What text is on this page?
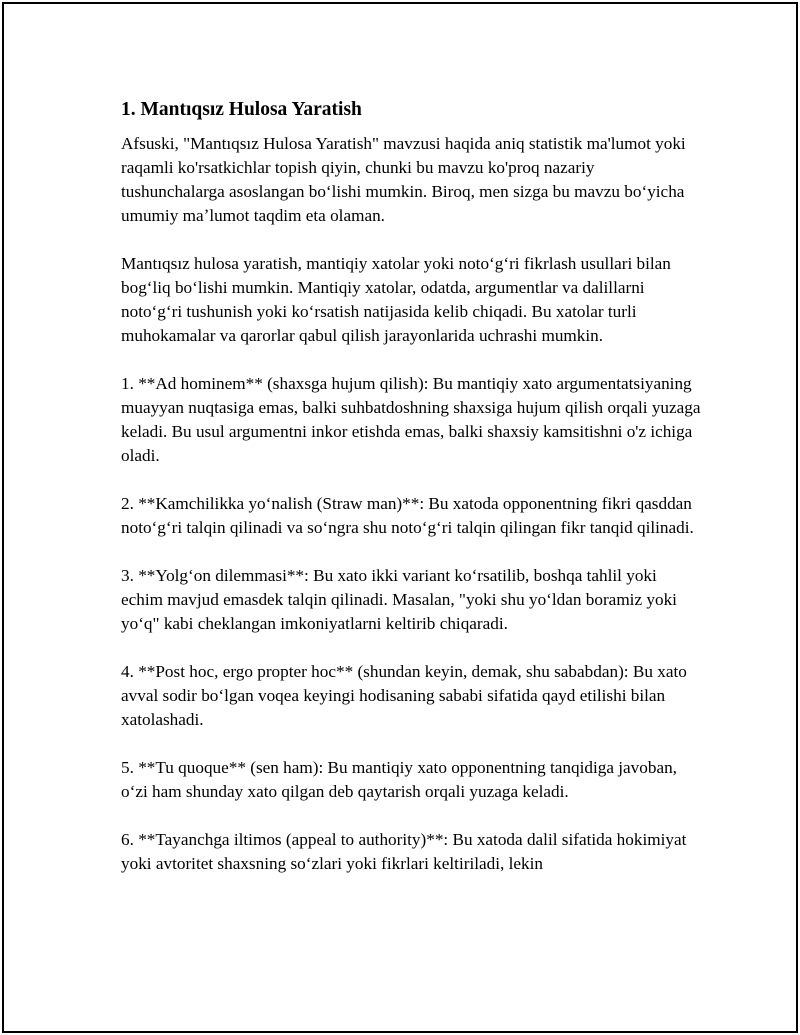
1. Mantıqsız Hulosa Yaratish

Afsuski, "Mantıqsız Hulosa Yaratish" mavzusi haqida aniq statistik ma'lumot yoki raqamli ko'rsatkichlar topish qiyin, chunki bu mavzu ko'proq nazariy tushunchalarga asoslangan boʻlishi mumkin. Biroq, men sizga bu mavzu boʻyicha umumiy maʼlumot taqdim eta olaman.

Mantıqsız hulosa yaratish, mantiqiy xatolar yoki notoʻgʻri fikrlash usullari bilan bogʻliq boʻlishi mumkin. Mantiqiy xatolar, odatda, argumentlar va dalillarni notoʻgʻri tushunish yoki koʻrsatish natijasida kelib chiqadi. Bu xatolar turli muhokamalar va qarorlar qabul qilish jarayonlarida uchrashi mumkin.

1. **Ad hominem** (shaxsga hujum qilish): Bu mantiqiy xato argumentatsiyaning muayyan nuqtasiga emas, balki suhbatdoshning shaxsiga hujum qilish orqali yuzaga keladi. Bu usul argumentni inkor etishda emas, balki shaxsiy kamsitishni o'z ichiga oladi.

2. **Kamchilikka yoʻnalish (Straw man)**: Bu xatoda opponentning fikri qasddan notoʻgʻri talqin qilinadi va soʻngra shu notoʻgʻri talqin qilingan fikr tanqid qilinadi.

3. **Yolgʻon dilemmasi**: Bu xato ikki variant koʻrsatilib, boshqa tahlil yoki echim mavjud emasdek talqin qilinadi. Masalan, "yoki shu yoʻldan boramiz yoki yoʻq" kabi cheklangan imkoniyatlarni keltirib chiqaradi.

4. **Post hoc, ergo propter hoc** (shundan keyin, demak, shu sababdan): Bu xato avval sodir boʻlgan voqea keyingi hodisaning sababi sifatida qayd etilishi bilan xatolashadi.

5. **Tu quoque** (sen ham): Bu mantiqiy xato opponentning tanqidiga javoban, oʻzi ham shunday xato qilgan deb qaytarish orqali yuzaga keladi.

6. **Tayanchga iltimos (appeal to authority)**: Bu xatoda dalil sifatida hokimiyat yoki avtoritet shaxsning soʻzlari yoki fikrlari keltiriladi, lekin
